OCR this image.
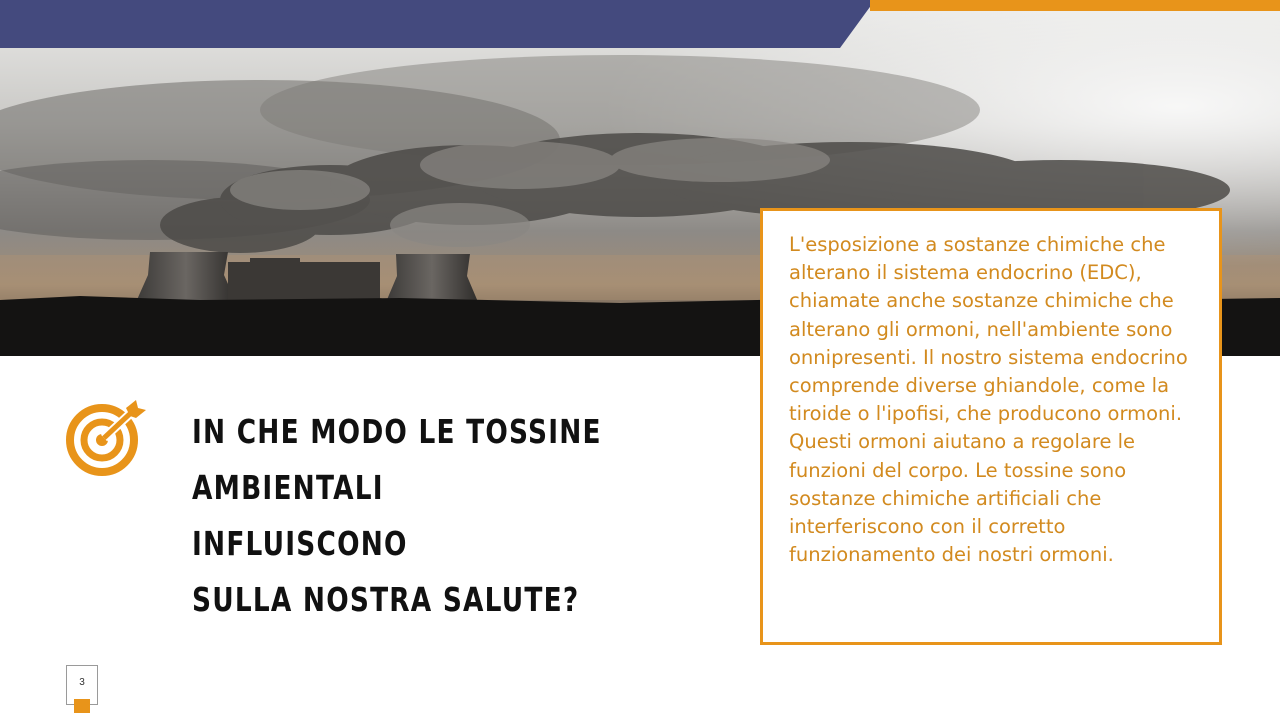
IN CHE MODO LE TOSSINE
AMBIENTALI INFLUISCONO
SULLA NOSTRA SALUTE?

L'esposizione a sostanze chimiche che alterano il sistema endocrino (EDC), chiamate anche sostanze chimiche che alterano gli ormoni, nell'ambiente sono onnipresenti. Il nostro sistema endocrino comprende diverse ghiandole, come la tiroide o l'ipofisi, che producono ormoni. Questi ormoni aiutano a regolare le funzioni del corpo. Le tossine sono sostanze chimiche artificiali che interferiscono con il corretto funzionamento dei nostri ormoni.

3
